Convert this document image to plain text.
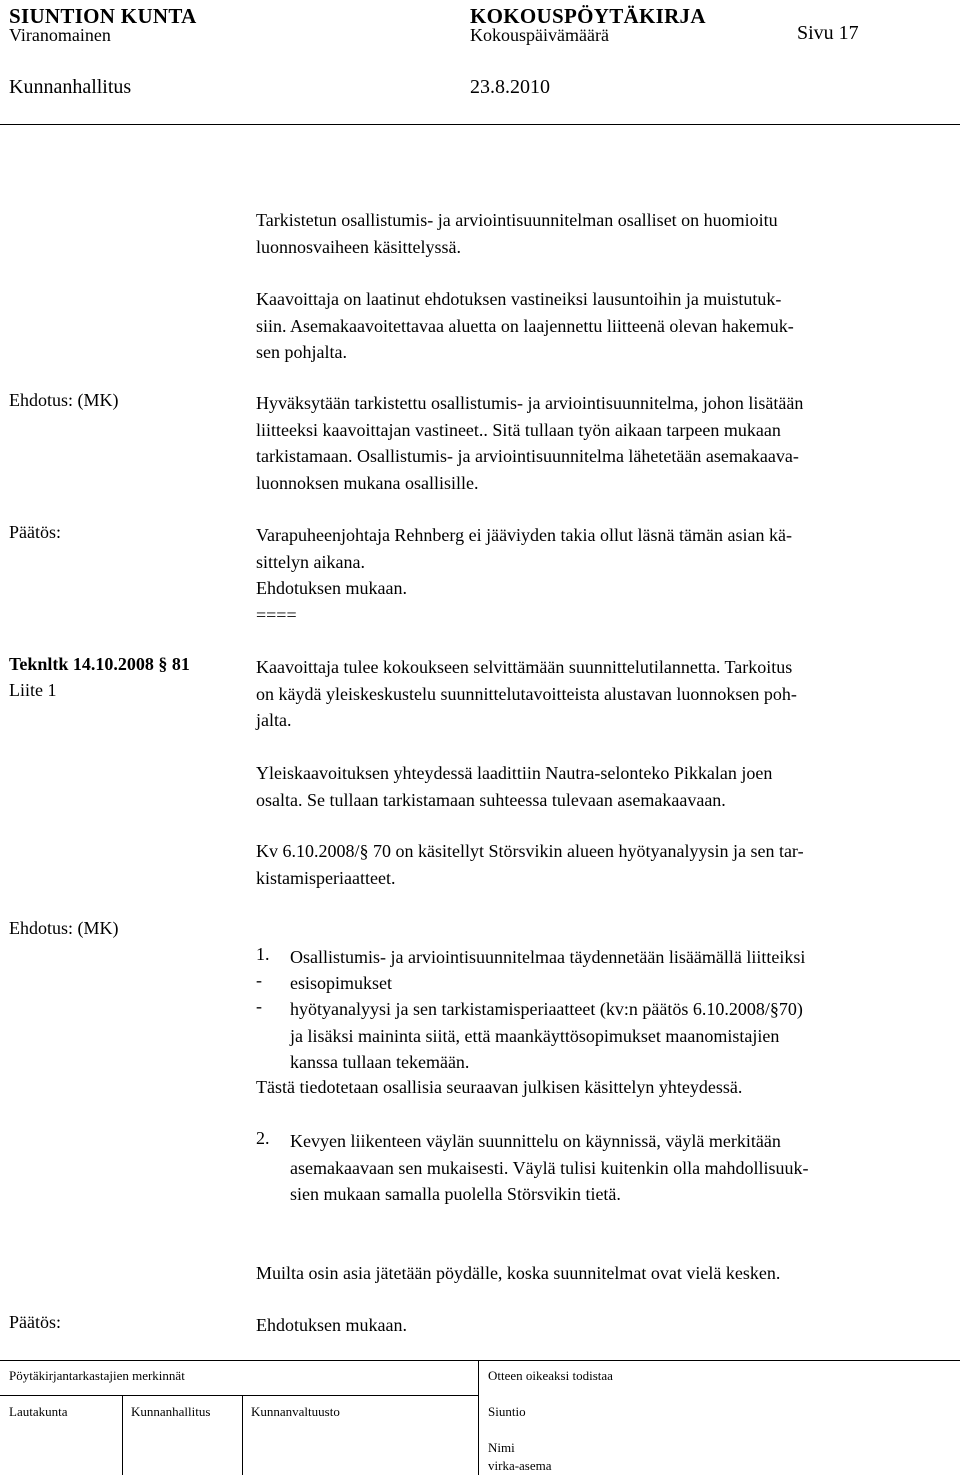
SIUNTION KUNTA	KOKOUSPÖYTÄKIRJA
Viranomainen	Kokouspäivämäärä	Sivu 17
Kunnanhallitus	23.8.2010
Tarkistetun osallistumis- ja arviointisuunnitelman osalliset on huomioitu
luonnosvaiheen käsittelyssä.
Kaavoittaja on laatinut ehdotuksen vastineiksi lausuntoihin ja muistutuk-
siin. Asemakaavoitettavaa aluetta on laajennettu liitteenä olevan hakemuk-
sen pohjalta.
Ehdotus: (MK)	Hyväksytään tarkistettu osallistumis- ja arviointisuunnitelma, johon lisätään
liitteeksi kaavoittajan vastineet.. Sitä tullaan työn aikaan tarpeen mukaan
tarkistamaan. Osallistumis- ja arviointisuunnitelma lähetetään asemakaava-
luonnoksen mukana osallisille.
Päätös:	Varapuheenjohtaja Rehnberg ei jääviyden takia ollut läsnä tämän asian kä-
sittelyn aikana.
Ehdotuksen mukaan.
====
Teknltk 14.10.2008 § 81
Liite 1
Kaavoittaja tulee kokoukseen selvittämään suunnittelutilannetta. Tarkoitus
on käydä yleiskeskustelu suunnittelutavoitteista alustavan luonnoksen poh-
jalta.
Yleiskaavoituksen yhteydessä laadittiin Nautra-selonteko Pikkalan joen
osalta. Se tullaan tarkistamaan suhteessa tulevaan asemakaavaan.
Kv 6.10.2008/§ 70 on käsitellyt Störsvikin alueen hyötyanalyysin ja sen tar-
kistamisperiaatteet.
Ehdotus: (MK)
1. Osallistumis- ja arviointisuunnitelmaa täydennetään lisäämällä liitteiksi
- esisopimukset
- hyötyanalyysi ja sen tarkistamisperiaatteet (kv:n päätös 6.10.2008/§70)
ja lisäksi maininta siitä, että maankäyttösopimukset maanomistajien
kanssa tullaan tekemään.
Tästä tiedotetaan osallisia seuraavan julkisen käsittelyn yhteydessä.
2. Kevyen liikenteen väylän suunnittelu on käynnissä, väylä merkitään
asemakaavaan sen mukaisesti. Väylä tulisi kuitenkin olla mahdollisuuk-
sien mukaan samalla puolella Störsvikin tietä.
Muilta osin asia jätetään pöydälle, koska suunnitelmat ovat vielä kesken.
Päätös:	Ehdotuksen mukaan.
Pöytäkirjantarkastajien merkinnät	Otteen oikeaksi todistaa
Lautakunta	Kunnanhallitus	Kunnanvaltuusto	Siuntio
Nimi
virka-asema
